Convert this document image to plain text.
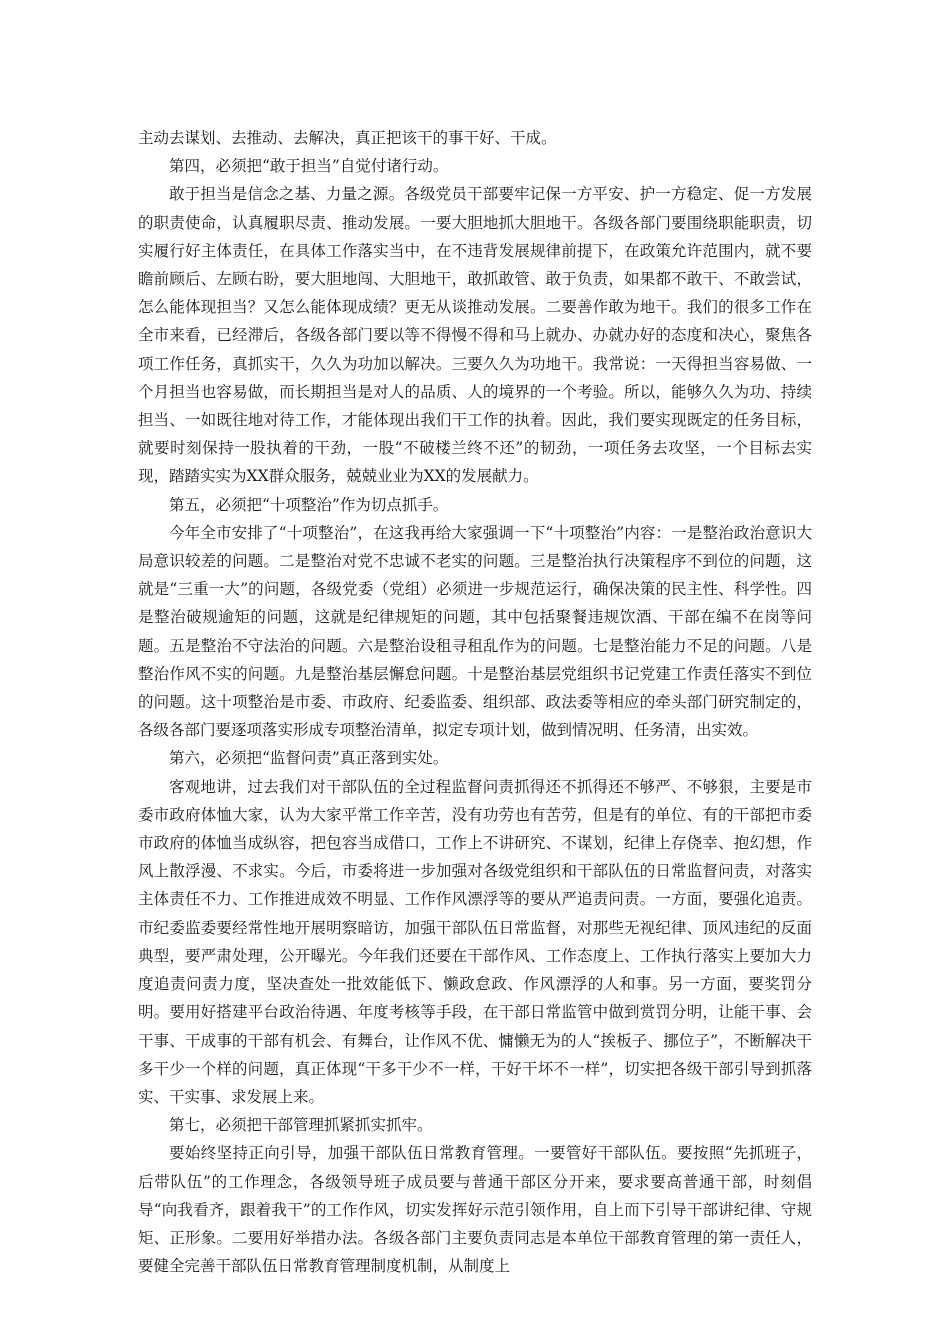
主动去谋划、去推动、去解决，真正把该干的事干好、干成。

第四，必须把“敢于担当”自觉付诸行动。

敢于担当是信念之基、力量之源。各级党员干部要牢记保一方平安、护一方稳定、促一方发展的职责使命，认真履职尽责、推动发展。一要大胆地抓大胆地干。各级各部门要围绕职能职责，切实履行好主体责任，在具体工作落实当中，在不违背发展规律前提下，在政策允许范围内，就不要瞻前顾后、左顾右盼，要大胆地闯、大胆地干，敢抓敢管、敢于负责，如果都不敢干、不敢尝试，怎么能体现担当？又怎么能体现成绩？更无从谈推动发展。二要善作敢为地干。我们的很多工作在全市来看，已经滞后，各级各部门要以等不得慢不得和马上就办、办就办好的态度和决心，聚焦各项工作任务，真抓实干，久久为功加以解决。三要久久为功地干。我常说：一天得担当容易做、一个月担当也容易做，而长期担当是对人的品质、人的境界的一个考验。所以，能够久久为功、持续担当、一如既往地对待工作，才能体现出我们干工作的执着。因此，我们要实现既定的任务目标，就要时刻保持一股执着的干劲，一股“不破楼兰终不还”的韧劲，一项任务去攻坚，一个目标去实现，踏踏实实为XX群众服务，兢兢业业为XX的发展献力。

第五，必须把“十项整治”作为切点抓手。

今年全市安排了“十项整治”，在这我再给大家强调一下“十项整治”内容：一是整治政治意识大局意识较差的问题。二是整治对党不忠诚不老实的问题。三是整治执行决策程序不到位的问题，这就是“三重一大”的问题，各级党委（党组）必须进一步规范运行，确保决策的民主性、科学性。四是整治破规逾矩的问题，这就是纪律规矩的问题，其中包括聚餐违规饮酒、干部在编不在岗等问题。五是整治不守法治的问题。六是整治设租寻租乱作为的问题。七是整治能力不足的问题。八是整治作风不实的问题。九是整治基层懈怠问题。十是整治基层党组织书记党建工作责任落实不到位的问题。这十项整治是市委、市政府、纪委监委、组织部、政法委等相应的牵头部门研究制定的，各级各部门要逐项落实形成专项整治清单，拟定专项计划，做到情况明、任务清，出实效。

第六，必须把“监督问责”真正落到实处。

客观地讲，过去我们对干部队伍的全过程监督问责抓得还不抓得还不够严、不够狠，主要是市委市政府体恤大家，认为大家平常工作辛苦，没有功劳也有苦劳，但是有的单位、有的干部把市委市政府的体恤当成纵容，把包容当成借口，工作上不讲研究、不谋划，纪律上存侥幸、抱幻想，作风上散浮漫、不求实。今后，市委将进一步加强对各级党组织和干部队伍的日常监督问责，对落实主体责任不力、工作推进成效不明显、工作作风漂浮等的要从严追责问责。一方面，要强化追责。市纪委监委要经常性地开展明察暗访，加强干部队伍日常监督，对那些无视纪律、顶风违纪的反面典型，要严肃处理，公开曝光。今年我们还要在干部作风、工作态度上、工作执行落实上要加大力度追责问责力度，坚决查处一批效能低下、懒政怠政、作风漂浮的人和事。另一方面，要奖罚分明。要用好搭建平台政治待遇、年度考核等手段，在干部日常监管中做到赏罚分明，让能干事、会干事、干成事的干部有机会、有舞台，让作风不优、慵懒无为的人“挨板子、挪位子”，不断解决干多干少一个样的问题，真正体现“干多干少不一样，干好干坏不一样”，切实把各级干部引导到抓落实、干实事、求发展上来。

第七，必须把干部管理抓紧抓实抓牢。

要始终坚持正向引导，加强干部队伍日常教育管理。一要管好干部队伍。要按照“先抓班子，后带队伍”的工作理念，各级领导班子成员要与普通干部区分开来，要求要高普通干部，时刻倡导“向我看齐，跟着我干”的工作作风，切实发挥好示范引领作用，自上而下引导干部讲纪律、守规矩、正形象。二要用好举措办法。各级各部门主要负责同志是本单位干部教育管理的第一责任人，要健全完善干部队伍日常教育管理制度机制，从制度上
